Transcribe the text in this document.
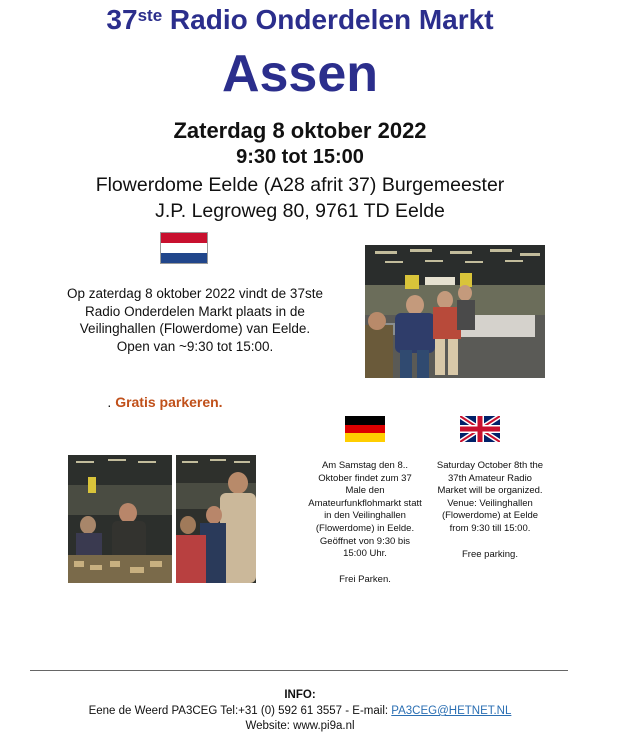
37ste Radio Onderdelen Markt
Assen
Zaterdag 8 oktober 2022
9:30 tot 15:00
Flowerdome Eelde (A28 afrit 37) Burgemeester
J.P. Legroweg 80, 9761 TD Eelde
Op zaterdag 8 oktober 2022 vindt de 37ste Radio Onderdelen Markt plaats in de Veilinghallen (Flowerdome) van Eelde. Open van ~9:30 tot 15:00.
. Gratis parkeren.
Am Samstag den 8.. Oktober findet zum 37 Male den Amateurfunkflohmarkt statt in den Veilinghallen (Flowerdome) in Eelde. Geöffnet von 9:30 bis 15:00 Uhr.
Frei Parken.
Saturday October 8th the 37th Amateur Radio Market will be organized. Venue: Veilinghallen (Flowerdome) at Eelde from 9:30 till 15:00.
Free parking.
INFO:
Eene de Weerd PA3CEG Tel:+31 (0) 592 61 3557 - E-mail: PA3CEG@HETNET.NL
Website: www.pi9a.nl
